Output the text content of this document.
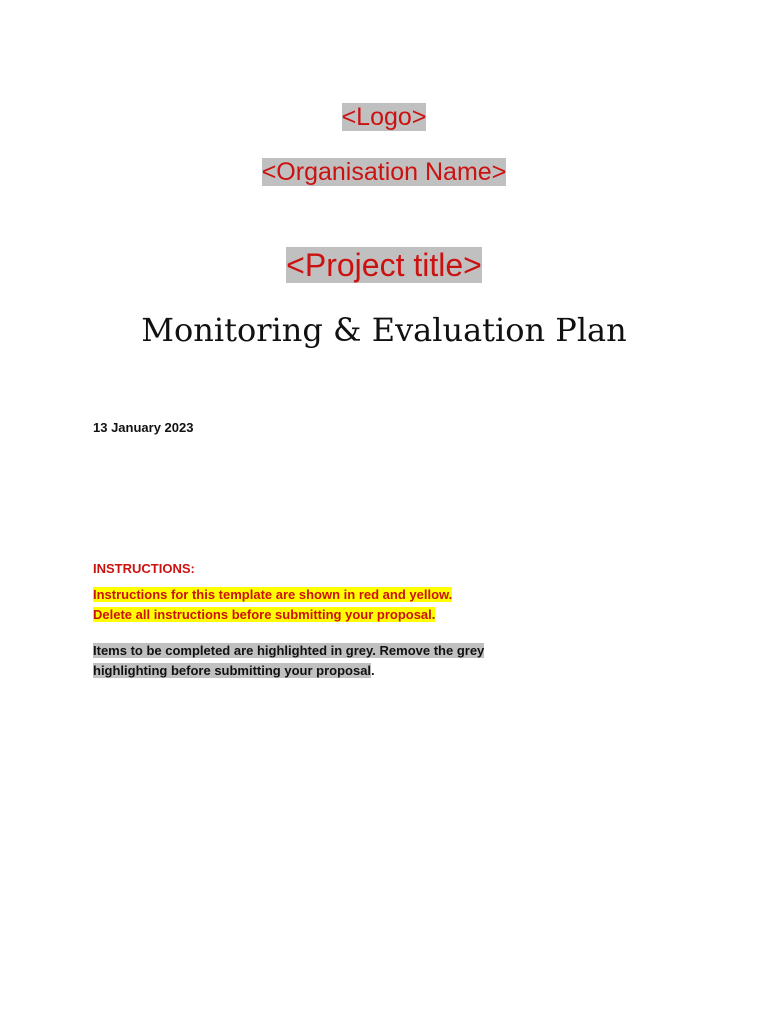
<Logo>
<Organisation Name>
<Project title>
Monitoring & Evaluation Plan
13 January 2023
INSTRUCTIONS:
Instructions for this template are shown in red and yellow.
Delete all instructions before submitting your proposal.
Items to be completed are highlighted in grey. Remove the grey
highlighting before submitting your proposal.
